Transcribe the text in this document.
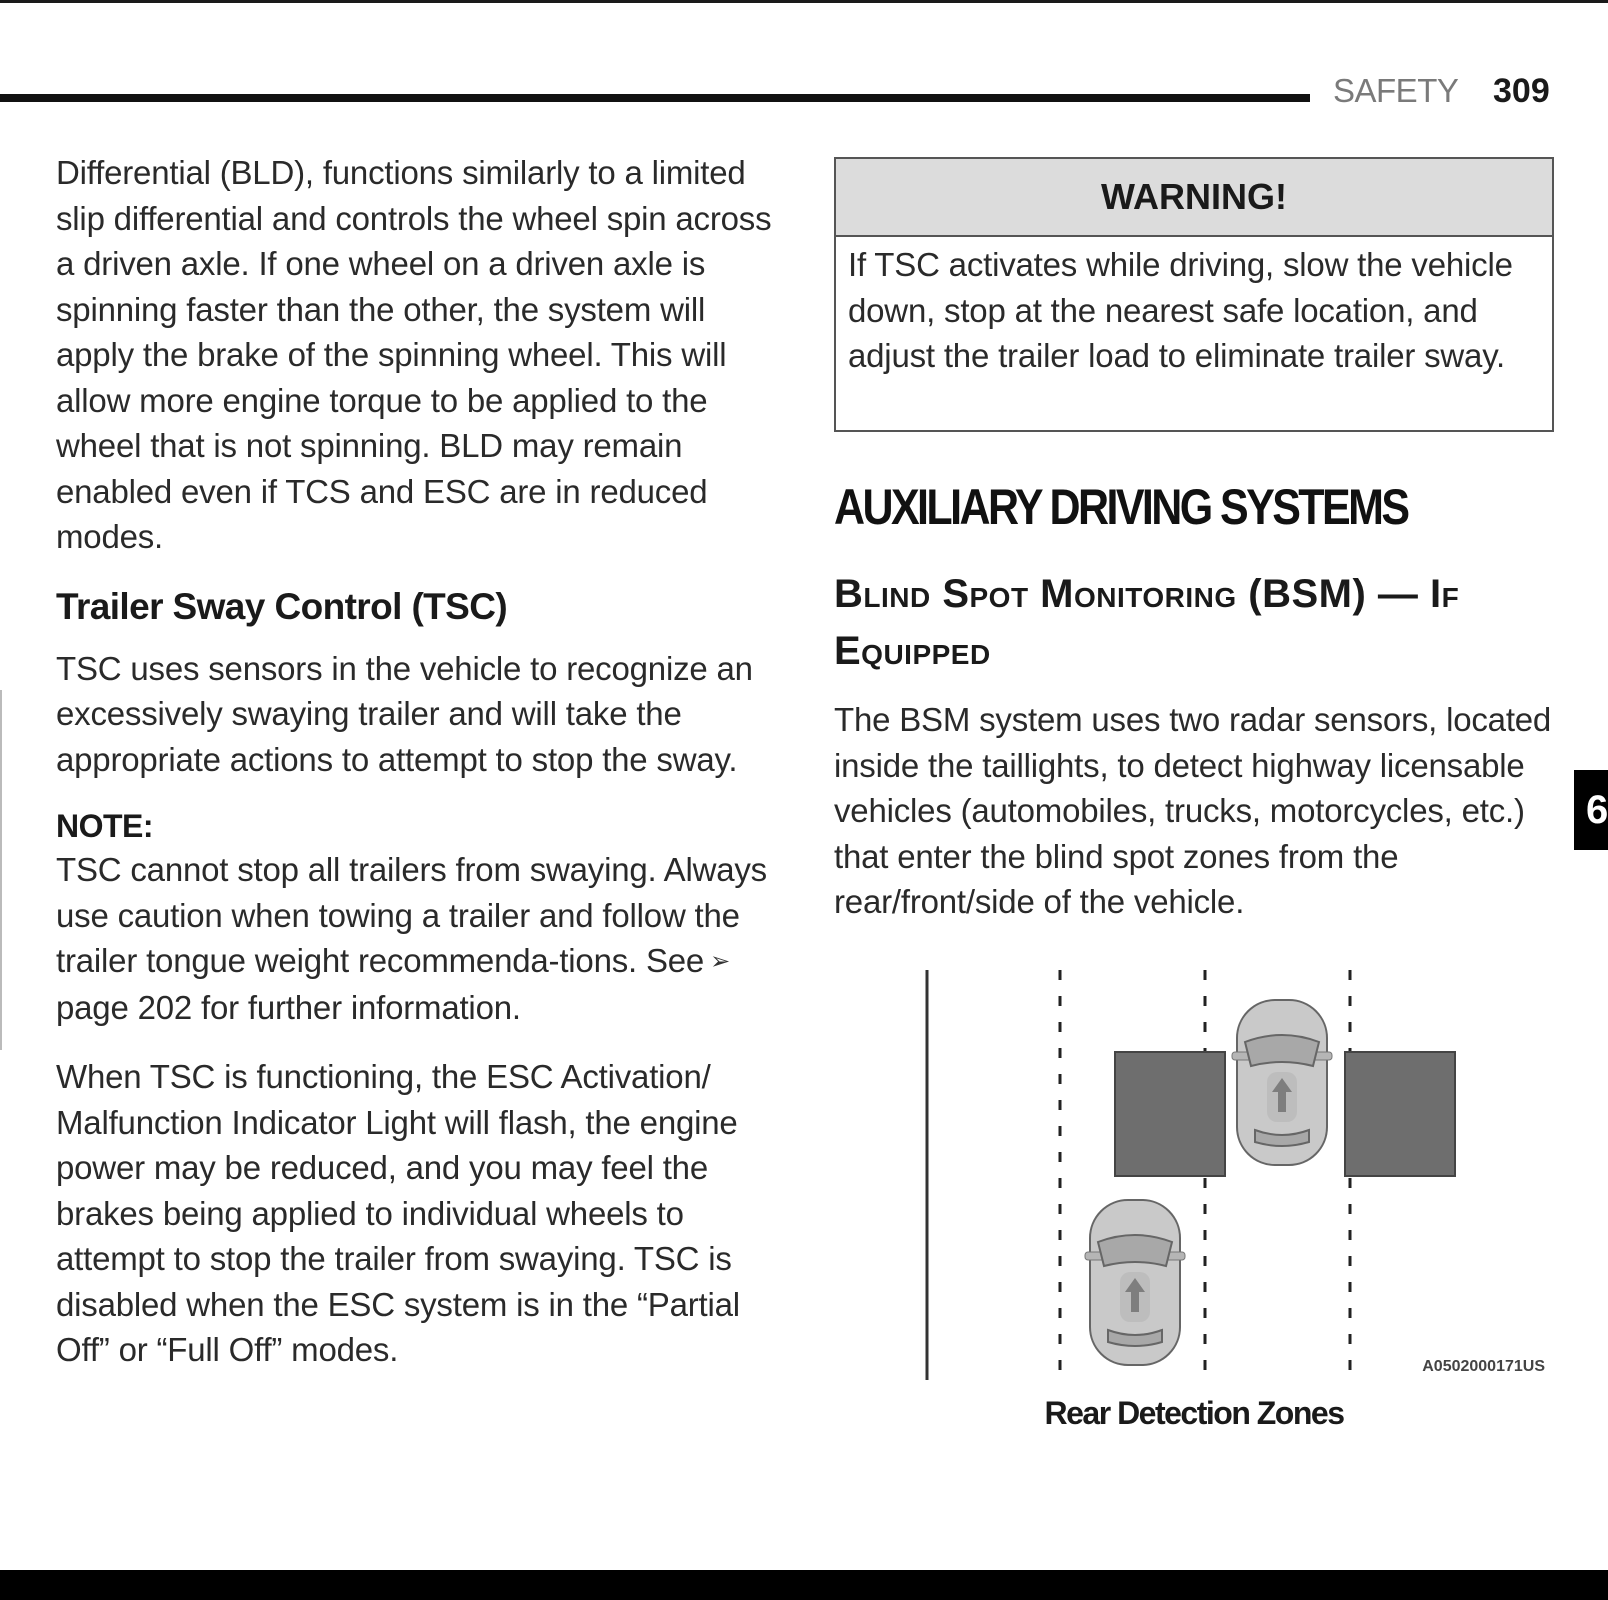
SAFETY 309
6

Differential (BLD), functions similarly to a limited slip differential and controls the wheel spin across a driven axle. If one wheel on a driven axle is spinning faster than the other, the system will apply the brake of the spinning wheel. This will allow more engine torque to be applied to the wheel that is not spinning. BLD may remain enabled even if TCS and ESC are in reduced modes.

Trailer Sway Control (TSC)

TSC uses sensors in the vehicle to recognize an excessively swaying trailer and will take the appropriate actions to attempt to stop the sway.

NOTE:

TSC cannot stop all trailers from swaying. Always use caution when towing a trailer and follow the trailer tongue weight recommenda-tions. See ➢page 202 for further information.

When TSC is functioning, the ESC Activation/ Malfunction Indicator Light will flash, the engine power may be reduced, and you may feel the brakes being applied to individual wheels to attempt to stop the trailer from swaying. TSC is disabled when the ESC system is in the “Partial Off” or “Full Off” modes.

WARNING!
If TSC activates while driving, slow the vehicle down, stop at the nearest safe location, and adjust the trailer load to eliminate trailer sway.
AUXILIARY DRIVING SYSTEMS
Blind Spot Monitoring (BSM) — If Equipped
The BSM system uses two radar sensors, located inside the taillights, to detect highway licensable vehicles (automobiles, trucks, motorcycles, etc.) that enter the blind spot zones from the rear/front/side of the vehicle.
A0502000171US
Rear Detection Zones
